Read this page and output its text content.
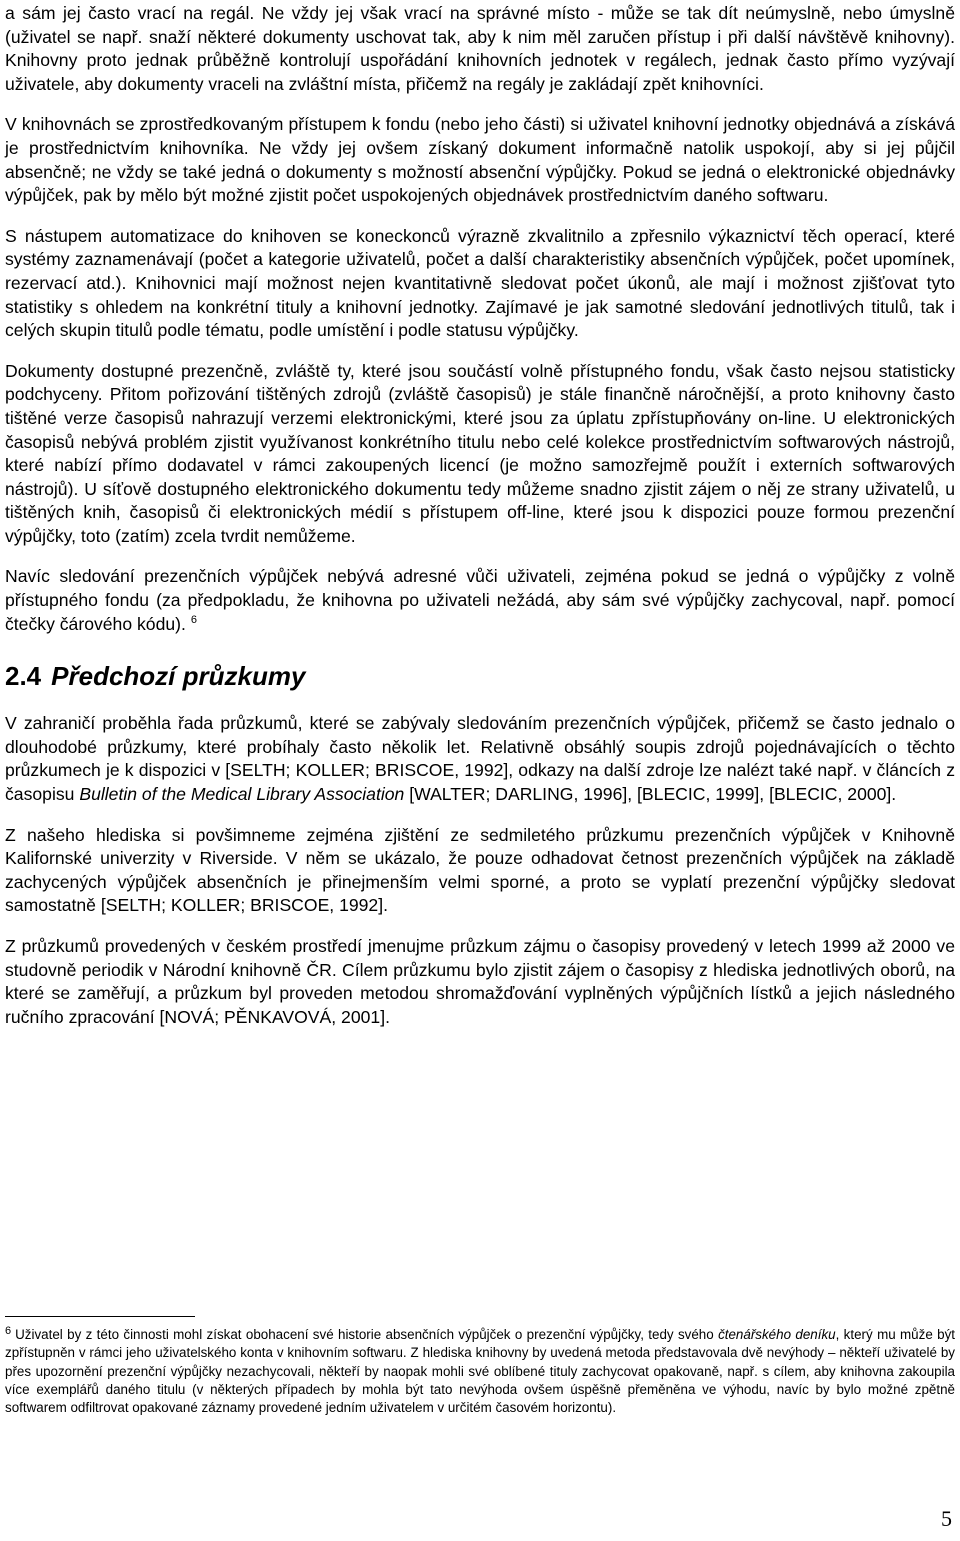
a sám jej často vrací na regál. Ne vždy jej však vrací na správné místo - může se tak dít neúmyslně, nebo úmyslně (uživatel se např. snaží některé dokumenty uschovat tak, aby k nim měl zaručen přístup i při další návštěvě knihovny). Knihovny proto jednak průběžně kontrolují uspořádání knihovních jednotek v regálech, jednak často přímo vyzývají uživatele, aby dokumenty vraceli na zvláštní místa, přičemž na regály je zakládají zpět knihovníci.

V knihovnách se zprostředkovaným přístupem k fondu (nebo jeho části) si uživatel knihovní jednotky objednává a získává je prostřednictvím knihovníka. Ne vždy jej ovšem získaný dokument informačně natolik uspokojí, aby si jej půjčil absenčně; ne vždy se také jedná o dokumenty s možností absenční výpůjčky. Pokud se jedná o elektronické objednávky výpůjček, pak by mělo být možné zjistit počet uspokojených objednávek prostřednictvím daného softwaru.

S nástupem automatizace do knihoven se koneckonců výrazně zkvalitnilo a zpřesnilo výkaznictví těch operací, které systémy zaznamenávají (počet a kategorie uživatelů, počet a další charakteristiky absenčních výpůjček, počet upomínek, rezervací atd.). Knihovnici mají možnost nejen kvantitativně sledovat počet úkonů, ale mají i možnost zjišťovat tyto statistiky s ohledem na konkrétní tituly a knihovní jednotky. Zajímavé je jak samotné sledování jednotlivých titulů, tak i celých skupin titulů podle tématu, podle umístění i podle statusu výpůjčky.

Dokumenty dostupné prezenčně, zvláště ty, které jsou součástí volně přístupného fondu, však často nejsou statisticky podchyceny. Přitom pořizování tištěných zdrojů (zvláště časopisů) je stále finančně náročnější, a proto knihovny často tištěné verze časopisů nahrazují verzemi elektronickými, které jsou za úplatu zpřístupňovány on-line. U elektronických časopisů nebývá problém zjistit využívanost konkrétního titulu nebo celé kolekce prostřednictvím softwarových nástrojů, které nabízí přímo dodavatel v rámci zakoupených licencí (je možno samozřejmě použít i externích softwarových nástrojů). U síťově dostupného elektronického dokumentu tedy můžeme snadno zjistit zájem o něj ze strany uživatelů, u tištěných knih, časopisů či elektronických médií s přístupem off-line, které jsou k dispozici pouze formou prezenční výpůjčky, toto (zatím) zcela tvrdit nemůžeme.

Navíc sledování prezenčních výpůjček nebývá adresné vůči uživateli, zejména pokud se jedná o výpůjčky z volně přístupného fondu (za předpokladu, že knihovna po uživateli nežádá, aby sám své výpůjčky zachycoval, např. pomocí čtečky čárového kódu). $^6$

2.4 Předchozí průzkumy

V zahraničí proběhla řada průzkumů, které se zabývaly sledováním prezenčních výpůjček, přičemž se často jednalo o dlouhodobé průzkumy, které probíhaly často několik let. Relativně obsáhlý soupis zdrojů pojednávajících o těchto průzkumech je k dispozici v [SELTH; KOLLER; BRISCOE, 1992], odkazy na další zdroje lze nalézt také např. v článcích z časopisu Bulletin of the Medical Library Association [WALTER; DARLING, 1996], [BLECIC, 1999], [BLECIC, 2000].

Z našeho hlediska si povšimneme zejména zjištění ze sedmiletého průzkumu prezenčních výpůjček v Knihovně Kalifornské univerzity v Riverside. V něm se ukázalo, že pouze odhadovat četnost prezenčních výpůjček na základě zachycených výpůjček absenčních je přinejmenším velmi sporné, a proto se vyplatí prezenční výpůjčky sledovat samostatně [SELTH; KOLLER; BRISCOE, 1992].

Z průzkumů provedených v českém prostředí jmenujme průzkum zájmu o časopisy provedený v letech 1999 až 2000 ve studovně periodik v Národní knihovně ČR. Cílem průzkumu bylo zjistit zájem o časopisy z hlediska jednotlivých oborů, na které se zaměřují, a průzkum byl proveden metodou shromažďování vyplněných výpůjčních lístků a jejich následného ručního zpracování [NOVÁ; PĚNKAVOVÁ, 2001].

$^6$ Uživatel by z této činnosti mohl získat obohacení své historie absenčních výpůjček o prezenční výpůjčky, tedy svého čtenářského deníku, který mu může být zpřístupněn v rámci jeho uživatelského konta v knihovním softwaru. Z hlediska knihovny by uvedená metoda představovala dvě nevýhody – někteří uživatelé by přes upozornění prezenční výpůjčky nezachycovali, někteří by naopak mohli své oblíbené tituly zachycovat opakovaně, např. s cílem, aby knihovna zakoupila více exemplářů daného titulu (v některých případech by mohla být tato nevýhoda ovšem úspěšně přeměněna ve výhodu, navíc by bylo možné zpětně softwarem odfiltrovat opakované záznamy provedené jedním uživatelem v určitém časovém horizontu).
5
